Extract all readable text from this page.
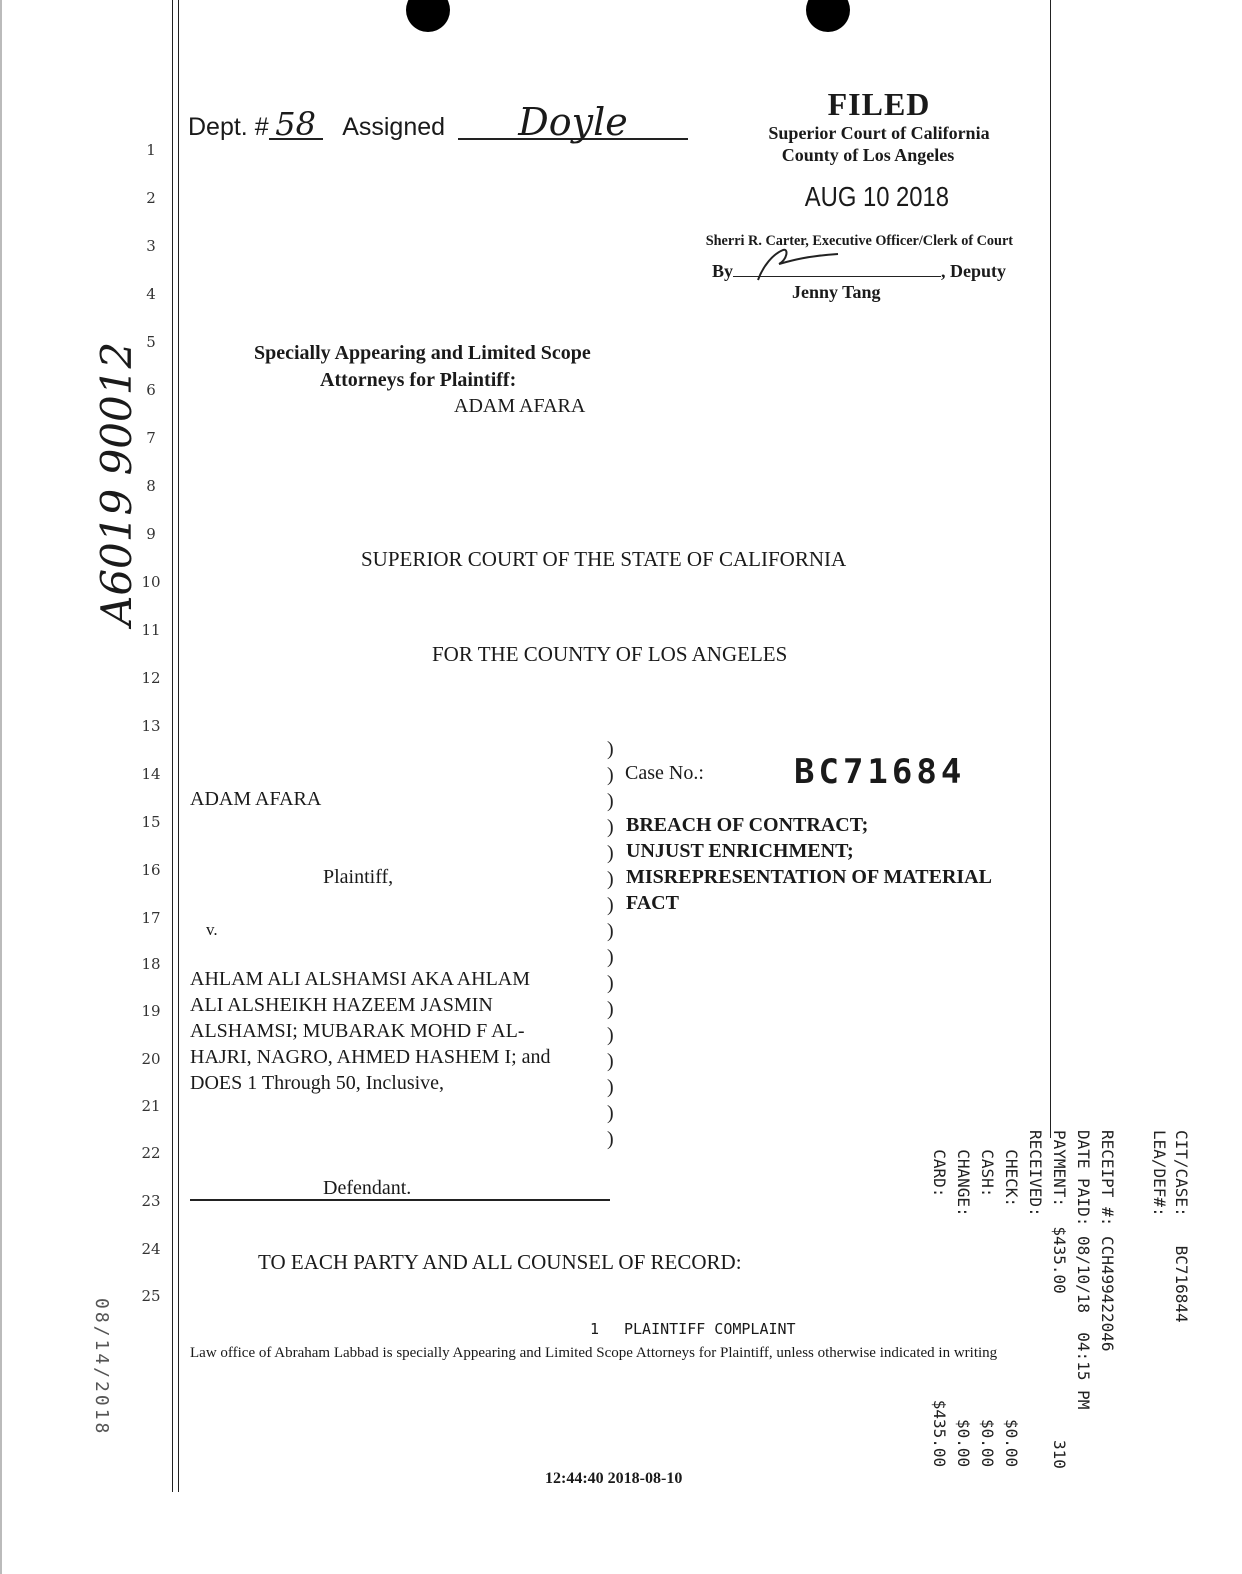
1
2
3
4
5
6
7
8
9
10
11
12
13
14
15
16
17
18
19
20
21
22
23
24
25
Dept. # 58 Assigned Doyle	FILED
Superior Court of California
County of Los Angeles
AUG 10 2018
Sherri R. Carter, Executive Officer/Clerk of Court
By	, Deputy
Jenny Tang
A6019 90012	Specially Appearing and Limited Scope
Attorneys for Plaintiff:
ADAM AFARA
SUPERIOR COURT OF THE STATE OF CALIFORNIA
FOR THE COUNTY OF LOS ANGELES
)
)
)
)
)
)
)
)
)
)
)
)
)
)
)
)
ADAM AFARA
Plaintiff,
v.
AHLAM ALI ALSHAMSI AKA AHLAM
ALI ALSHEIKH HAZEEM JASMIN
ALSHAMSI; MUBARAK MOHD F AL-
HAJRI, NAGRO, AHMED HASHEM I; and
DOES 1 Through 50, Inclusive,
Defendant.
Case No.:	BC71684
BREACH OF CONTRACT;
UNJUST ENRICHMENT;
MISREPRESENTATION OF MATERIAL
FACT
TO EACH PARTY AND ALL COUNSEL OF RECORD:
1 PLAINTIFF COMPLAINT
Law office of Abraham Labbad is specially Appearing and Limited Scope Attorneys for Plaintiff, unless otherwise indicated in writing
12:44:40 2018-08-10
08/14/2018
CIT/CASE:   BC716844
LEA/DEF#:
RECEIPT #: CCH499422046
DATE PAID: 08/10/18  04:15 PM
PAYMENT:  $435.00
RECEIVED:
CHECK:                      $0.00
CASH:                       $0.00
CHANGE:                     $0.00
CARD:                     $435.00	310
